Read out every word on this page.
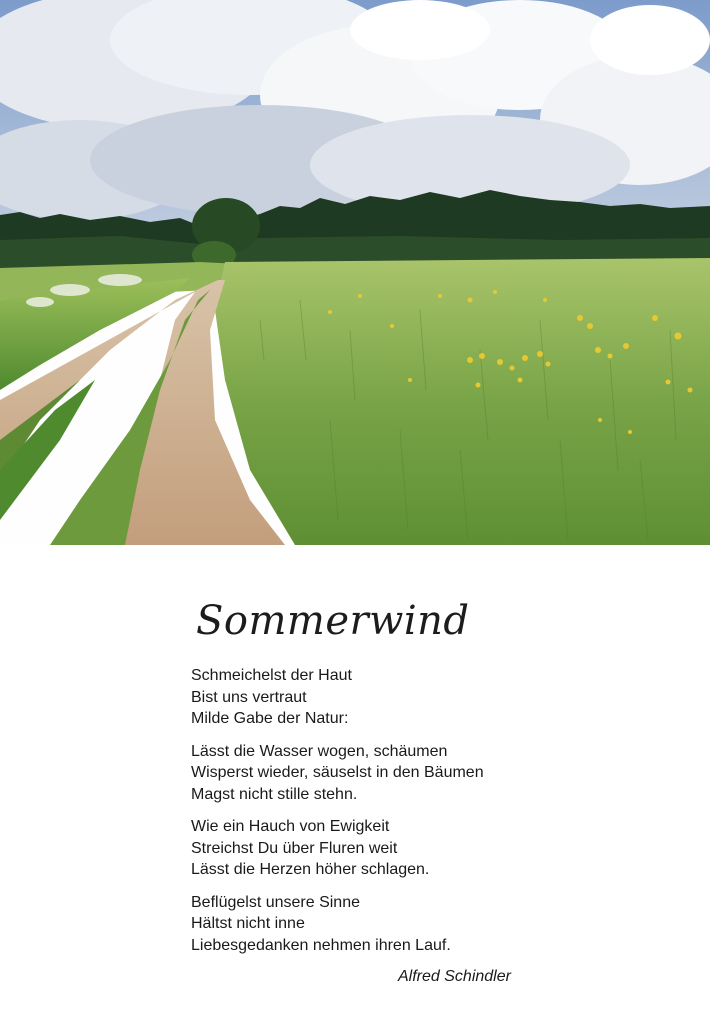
Sommerwind
Schmeichelst der Haut
Bist uns vertraut
Milde Gabe der Natur:
Lässt die Wasser wogen, schäumen
Wisperst wieder, säuselst in den Bäumen
Magst nicht stille stehn.
Wie ein Hauch von Ewigkeit
Streichst Du über Fluren weit
Lässt die Herzen höher schlagen.
Beflügelst unsere Sinne
Hältst nicht inne
Liebesgedanken nehmen ihren Lauf.
Alfred Schindler
